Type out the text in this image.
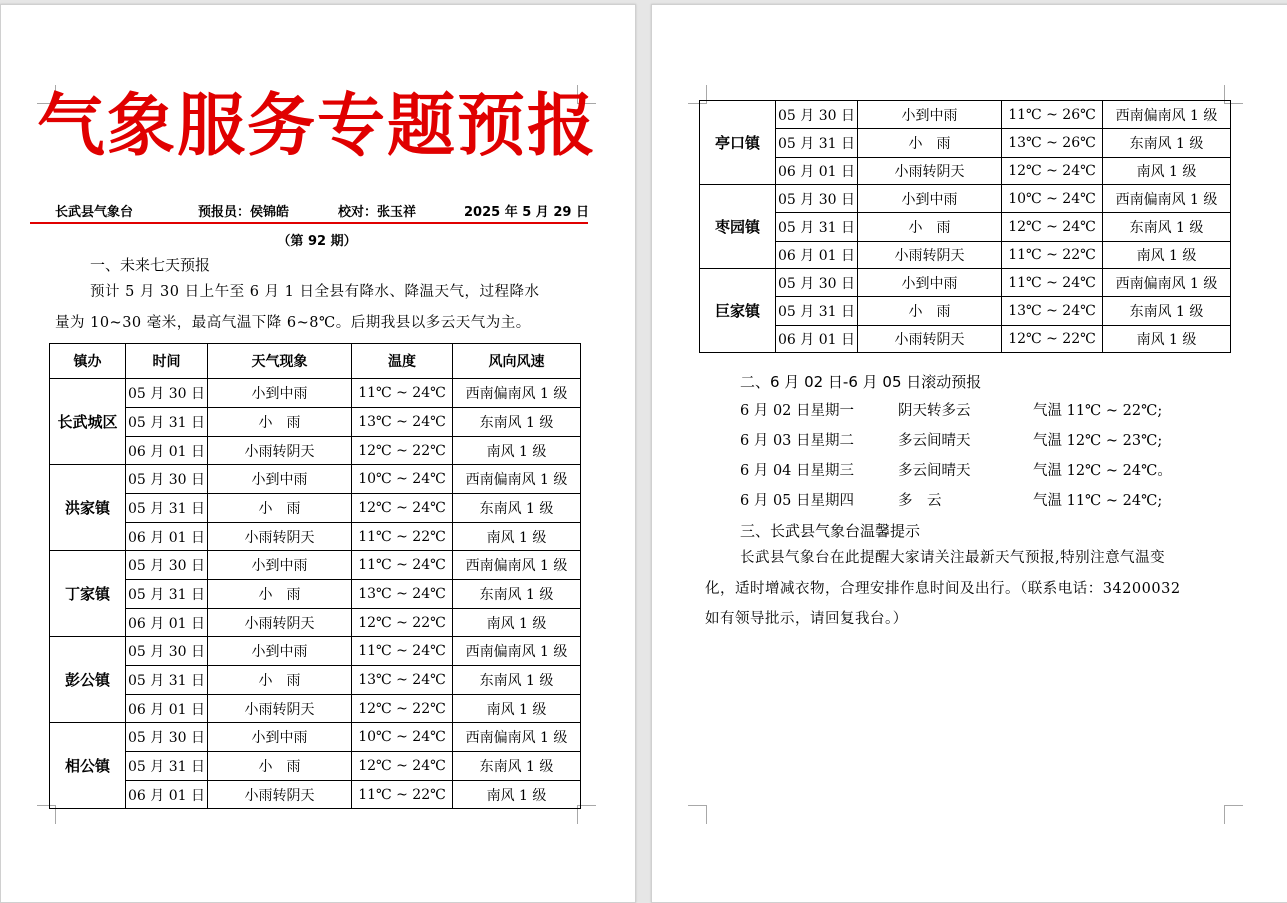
气象服务专题预报
长武县气象台	预报员：侯锦皓	校对：张玉祥	2025 年 5 月 29 日
（第 92 期）
一、未来七天预报
预计 5 月 30 日上午至 6 月 1 日全县有降水、降温天气，过程降水
量为 10~30 毫米，最高气温下降 6~8℃。后期我县以多云天气为主。
镇办	时间	天气现象	温度	风向风速
长武城区	05 月 30 日	小到中雨	11℃ ~ 24℃	西南偏南风 1 级
	05 月 31 日	小　雨	13℃ ~ 24℃	东南风 1 级
	06 月 01 日	小雨转阴天	12℃ ~ 22℃	南风 1 级
洪家镇	05 月 30 日	小到中雨	10℃ ~ 24℃	西南偏南风 1 级
	05 月 31 日	小　雨	12℃ ~ 24℃	东南风 1 级
	06 月 01 日	小雨转阴天	11℃ ~ 22℃	南风 1 级
丁家镇	05 月 30 日	小到中雨	11℃ ~ 24℃	西南偏南风 1 级
	05 月 31 日	小　雨	13℃ ~ 24℃	东南风 1 级
	06 月 01 日	小雨转阴天	12℃ ~ 22℃	南风 1 级
彭公镇	05 月 30 日	小到中雨	11℃ ~ 24℃	西南偏南风 1 级
	05 月 31 日	小　雨	13℃ ~ 24℃	东南风 1 级
	06 月 01 日	小雨转阴天	12℃ ~ 22℃	南风 1 级
相公镇	05 月 30 日	小到中雨	10℃ ~ 24℃	西南偏南风 1 级
	05 月 31 日	小　雨	12℃ ~ 24℃	东南风 1 级
	06 月 01 日	小雨转阴天	11℃ ~ 22℃	南风 1 级
亭口镇	05 月 30 日	小到中雨	11℃ ~ 26℃	西南偏南风 1 级
	05 月 31 日	小　雨	13℃ ~ 26℃	东南风 1 级
	06 月 01 日	小雨转阴天	12℃ ~ 24℃	南风 1 级
枣园镇	05 月 30 日	小到中雨	10℃ ~ 24℃	西南偏南风 1 级
	05 月 31 日	小　雨	12℃ ~ 24℃	东南风 1 级
	06 月 01 日	小雨转阴天	11℃ ~ 22℃	南风 1 级
巨家镇	05 月 30 日	小到中雨	11℃ ~ 24℃	西南偏南风 1 级
	05 月 31 日	小　雨	13℃ ~ 24℃	东南风 1 级
	06 月 01 日	小雨转阴天	12℃ ~ 22℃	南风 1 级
二、6 月 02 日-6 月 05 日滚动预报
6 月 02 日星期一	阴天转多云	气温 11℃ ~ 22℃;
6 月 03 日星期二	多云间晴天	气温 12℃ ~ 23℃;
6 月 04 日星期三	多云间晴天	气温 12℃ ~ 24℃。
6 月 05 日星期四	多　云	气温 11℃ ~ 24℃;
三、长武县气象台温馨提示
长武县气象台在此提醒大家请关注最新天气预报,特别注意气温变
化，适时增减衣物，合理安排作息时间及出行。（联系电话：34200032
如有领导批示，请回复我台。）
